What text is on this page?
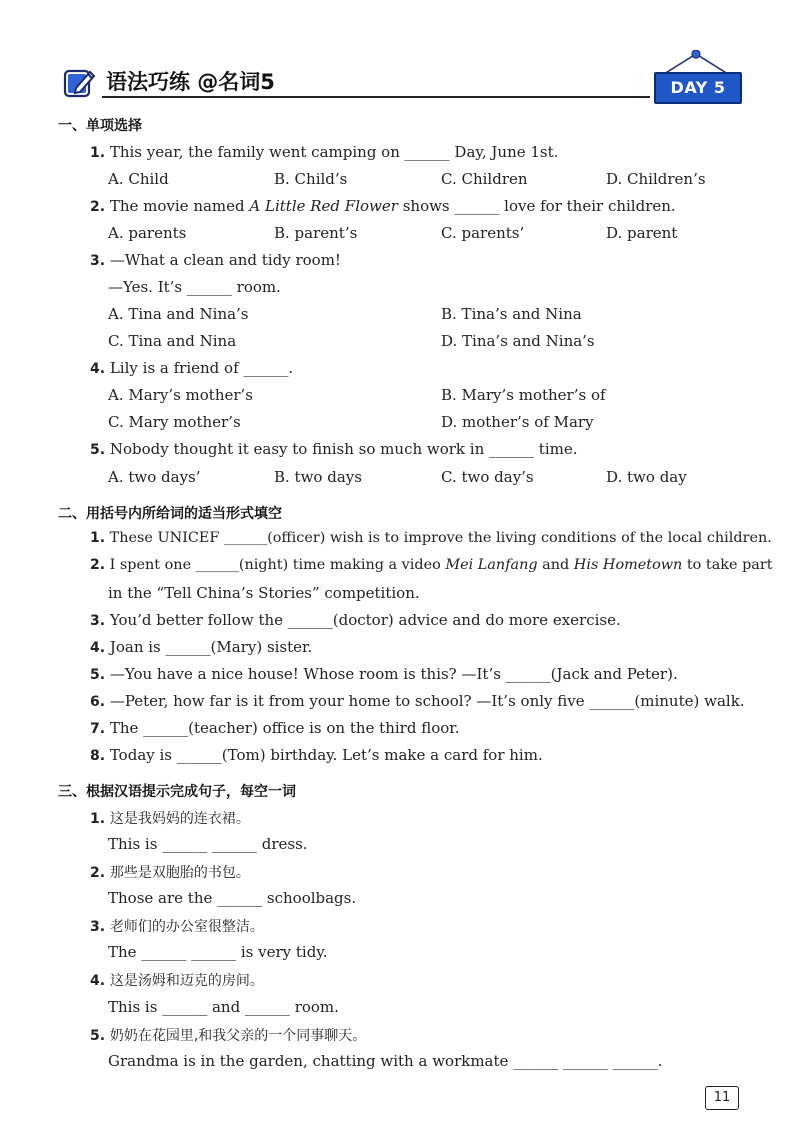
语法巧练 @名词5	DAY 5
一、单项选择
1. This year, the family went camping on ______ Day, June 1st.
A. Child	B. Child’s	C. Children	D. Children’s
2. The movie named A Little Red Flower shows ______ love for their children.
A. parents	B. parent’s	C. parents’	D. parent
3. —What a clean and tidy room!
—Yes. It’s ______ room.
A. Tina and Nina’s	B. Tina’s and Nina
C. Tina and Nina	D. Tina’s and Nina’s
4. Lily is a friend of ______.
A. Mary’s mother’s	B. Mary’s mother’s of
C. Mary mother’s	D. mother’s of Mary
5. Nobody thought it easy to finish so much work in ______ time.
A. two days’	B. two days	C. two day’s	D. two day
二、用括号内所给词的适当形式填空
1. These UNICEF ______(officer) wish is to improve the living conditions of the local children.
2. I spent one ______(night) time making a video Mei Lanfang and His Hometown to take part
in the “Tell China’s Stories” competition.
3. You’d better follow the ______(doctor) advice and do more exercise.
4. Joan is ______(Mary) sister.
5. —You have a nice house! Whose room is this? —It’s ______(Jack and Peter).
6. —Peter, how far is it from your home to school? —It’s only five ______(minute) walk.
7. The ______(teacher) office is on the third floor.
8. Today is ______(Tom) birthday. Let’s make a card for him.
三、根据汉语提示完成句子，每空一词
1. 这是我妈妈的连衣裙。
This is ______ ______ dress.
2. 那些是双胞胎的书包。
Those are the ______ schoolbags.
3. 老师们的办公室很整洁。
The ______ ______ is very tidy.
4. 这是汤姆和迈克的房间。
This is ______ and ______ room.
5. 奶奶在花园里,和我父亲的一个同事聊天。
Grandma is in the garden, chatting with a workmate ______ ______ ______.
11
